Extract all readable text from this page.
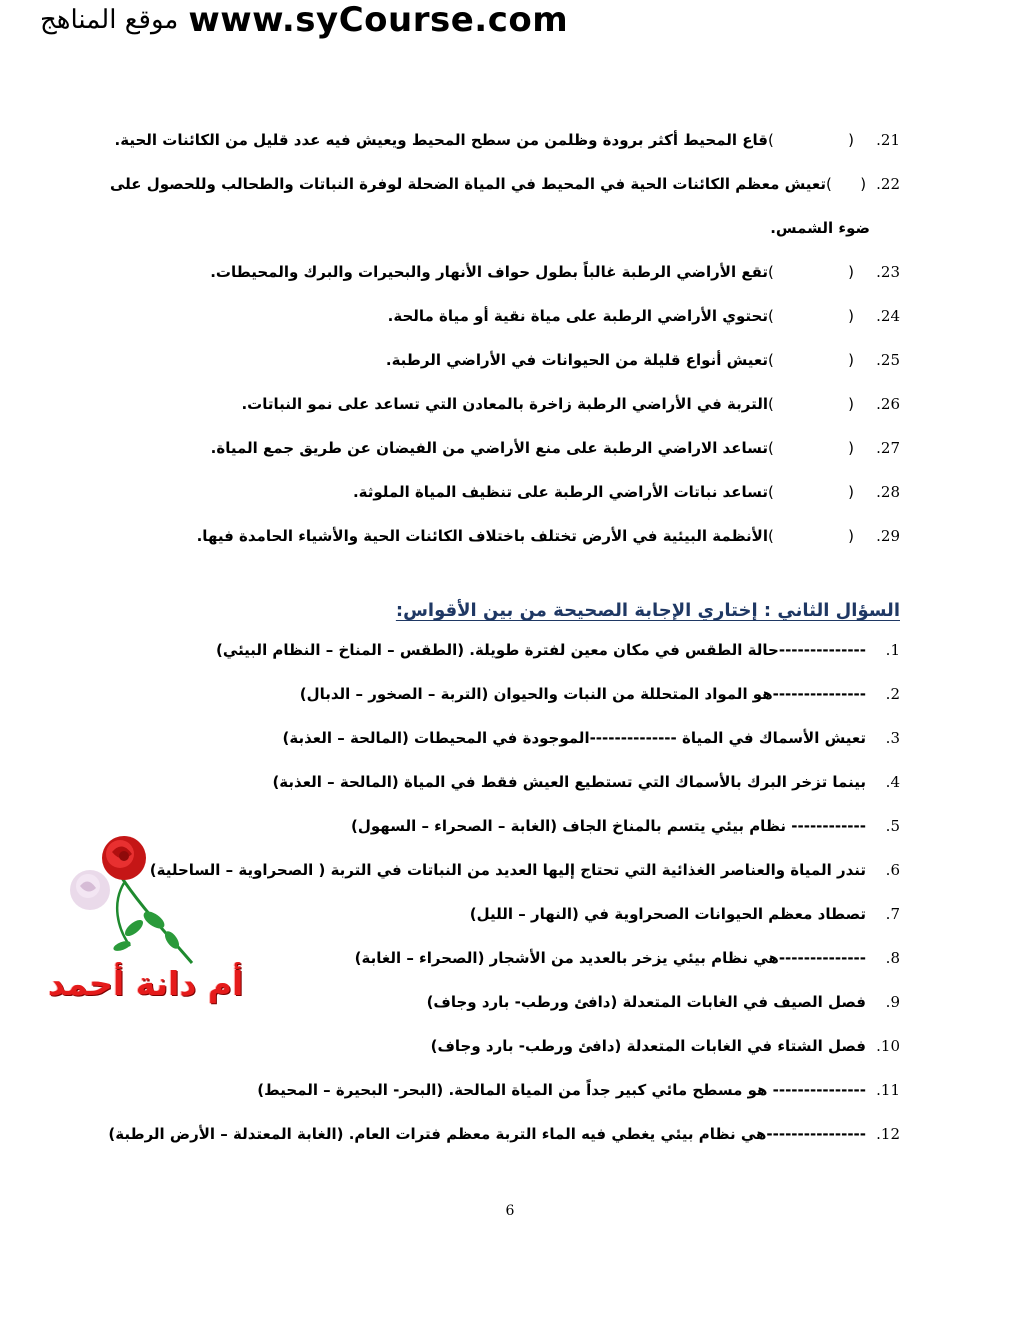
موقع المناهج www.syCourse.com
21.
(
)
قاع المحيط أكثر برودة وظلمن من سطح المحيط ويعيش فيه عدد قليل من الكائنات الحية.
22.
(
)
تعيش معظم الكائنات الحية في المحيط في المياة الضحلة لوفرة النباتات والطحالب وللحصول على
ضوء الشمس.
23.
(
)
تقع الأراضي الرطبة غالباً بطول حواف الأنهار والبحيرات والبرك والمحيطات.
24.
(
)
تحتوي الأراضي الرطبة على مياة نقية أو مياة مالحة.
25.
(
)
تعيش أنواع قليلة من الحيوانات في الأراضي الرطبة.
26.
(
)
التربة في الأراضي الرطبة زاخرة بالمعادن التي تساعد على نمو النباتات.
27.
(
)
تساعد الاراضي الرطبة على منع الأراضي من الفيضان عن طريق جمع المياة.
28.
(
)
تساعد نباتات الأراضي الرطبة على تنظيف المياة الملوثة.
29.
(
)
الأنظمة البيئية في الأرض تختلف باختلاف الكائنات الحية والأشياء الحامدة فيها.
السؤال الثاني : إختاري الإجابة الصحيحة من بين الأقواس:
1.
--------------حالة الطقس في مكان معين لفترة طويلة. (الطقس – المناخ – النظام البيئي)
2.
---------------هو المواد المتحللة من النبات والحيوان (التربة – الصخور – الدبال)
3.
تعيش الأسماك في المياة --------------الموجودة في المحيطات (المالحة – العذبة)
4.
بينما تزخر البرك بالأسماك التي تستطيع العيش فقط في المياة (المالحة – العذبة)
5.
------------ نظام بيئي يتسم بالمناخ الجاف (الغابة – الصحراء – السهول)
6.
تندر المياة والعناصر الغذائية التي تحتاج إليها العديد من النباتات في التربة ( الصحراوية – الساحلية)
7.
تصطاد معظم الحيوانات الصحراوية في (النهار – الليل)
8.
--------------هي نظام بيئي يزخر بالعديد من الأشجار (الصحراء – الغابة)
9.
فصل الصيف في الغابات المتعدلة (دافئ ورطب- بارد وجاف)
10.
فصل الشتاء في الغابات المتعدلة (دافئ ورطب- بارد وجاف)
11.
--------------- هو مسطح مائي كبير جداً من المياة المالحة. (البحر- البحيرة – المحيط)
12.
----------------هي نظام بيئي يغطي فيه الماء التربة معظم فترات العام. (الغابة المعتدلة – الأرض الرطبة)
أم دانة أحمد
6
